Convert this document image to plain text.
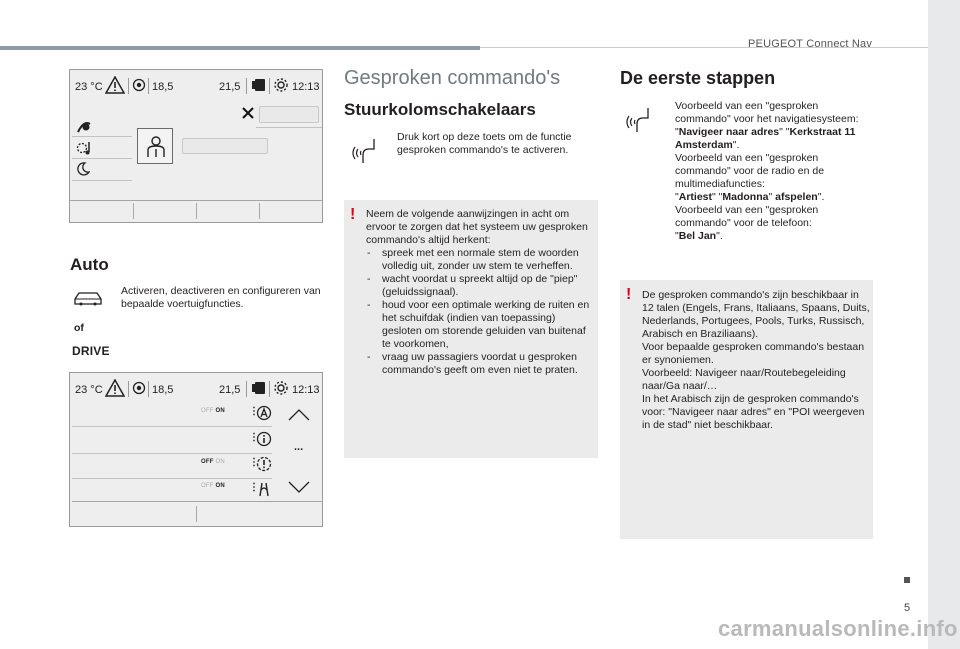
PEUGEOT Connect Nav
5
carmanualsonline.info
23 °C	18,5	21,5	12:13
Auto
Activeren, deactiveren en configureren van bepaalde voertuigfuncties.
of
DRIVE
23 °C	18,5	21,5	12:13
OFF ON ⋮
⋮
OFF ON ⋮
OFF ON ⋮
...
Gesproken commando's
Stuurkolomschakelaars
Druk kort op deze toets om de functie gesproken commando's te activeren.
! Neem de volgende aanwijzingen in acht om ervoor te zorgen dat het systeem uw gesproken commando's altijd herkent:
- spreek met een normale stem de woorden volledig uit, zonder uw stem te verheffen.
- wacht voordat u spreekt altijd op de "piep" (geluidssignaal).
- houd voor een optimale werking de ruiten en het schuifdak (indien van toepassing) gesloten om storende geluiden van buitenaf te voorkomen,
- vraag uw passagiers voordat u gesproken commando's geeft om even niet te praten.
De eerste stappen
Voorbeeld van een "gesproken commando" voor het navigatiesysteem:
"Navigeer naar adres" "Kerkstraat 11 Amsterdam".
Voorbeeld van een "gesproken commando" voor de radio en de multimediafuncties:
"Artiest" "Madonna" afspelen".
Voorbeeld van een "gesproken commando" voor de telefoon:
"Bel Jan".
! De gesproken commando's zijn beschikbaar in 12 talen (Engels, Frans, Italiaans, Spaans, Duits, Nederlands, Portugees, Pools, Turks, Russisch, Arabisch en Braziliaans).
Voor bepaalde gesproken commando's bestaan er synoniemen.
Voorbeeld: Navigeer naar/Routebegeleiding naar/Ga naar/…
In het Arabisch zijn de gesproken commando's voor: "Navigeer naar adres" en "POI weergeven in de stad" niet beschikbaar.
